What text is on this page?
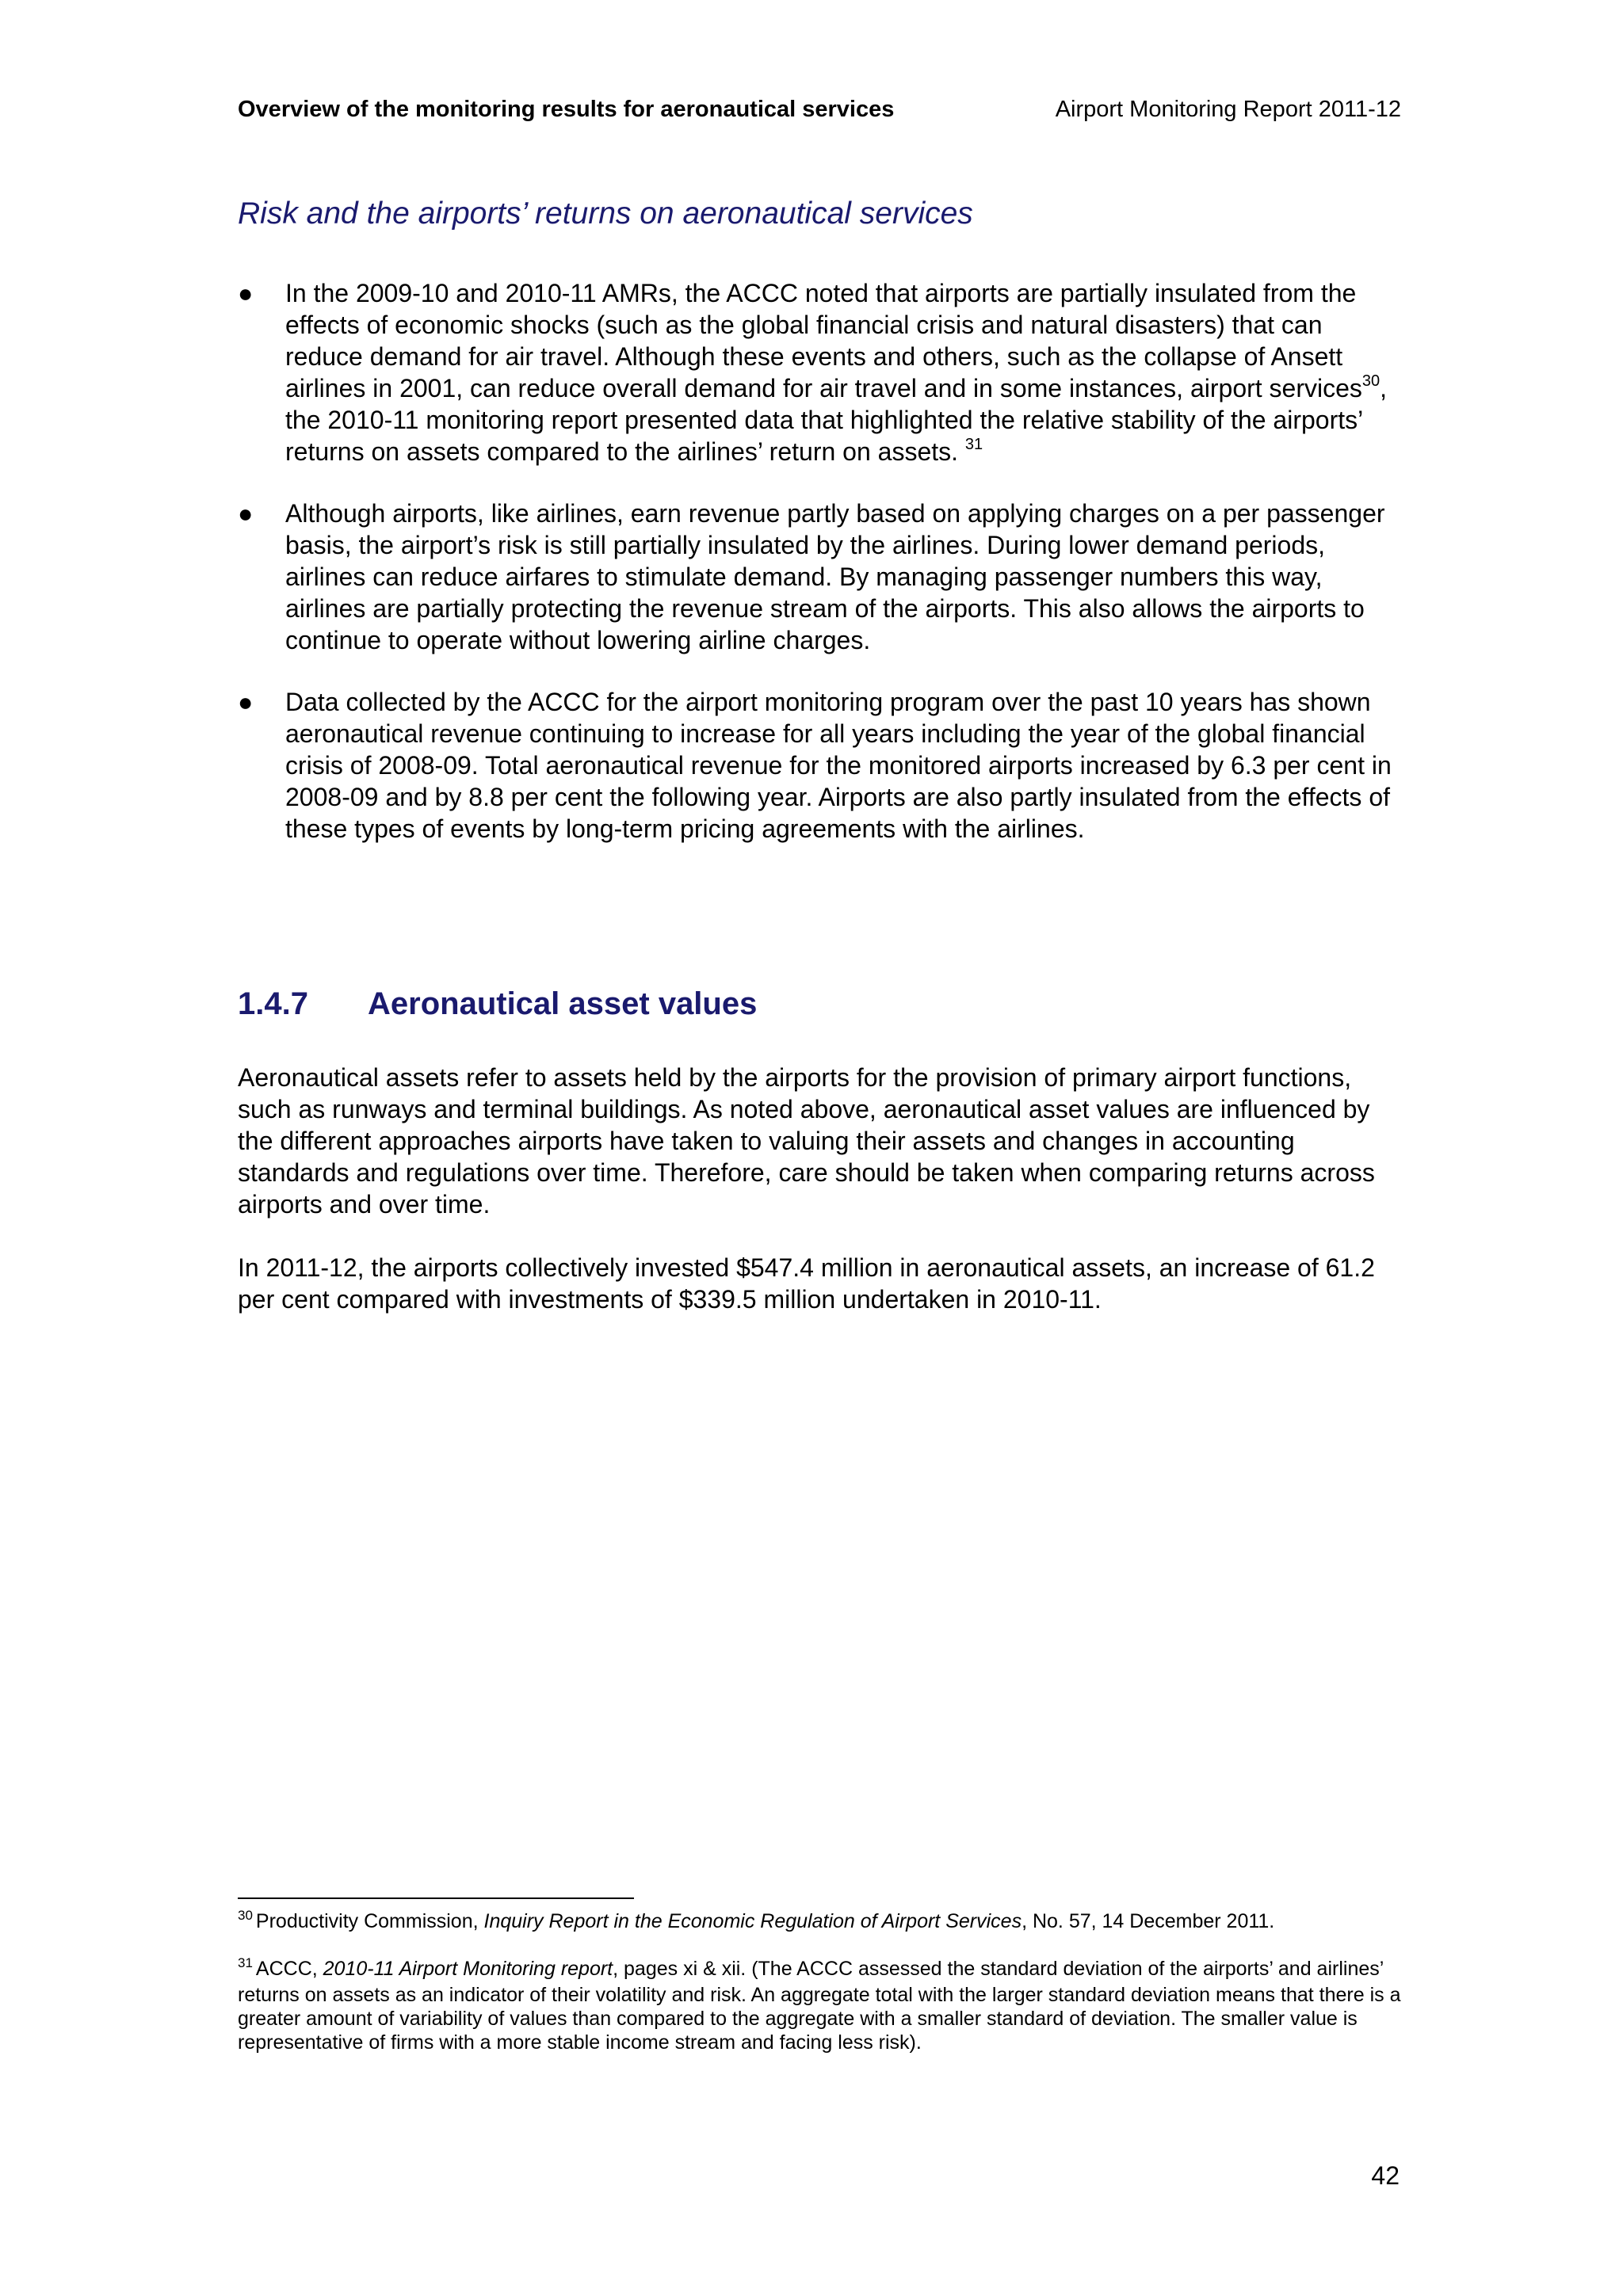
Overview of the monitoring results for aeronautical services	Airport Monitoring Report 2011-12
Risk and the airports’ returns on aeronautical services
● In the 2009-10 and 2010-11 AMRs, the ACCC noted that airports are partially insulated from the effects of economic shocks (such as the global financial crisis and natural disasters) that can reduce demand for air travel. Although these events and others, such as the collapse of Ansett airlines in 2001, can reduce overall demand for air travel and in some instances, airport services$^{30}$, the 2010-11 monitoring report presented data that highlighted the relative stability of the airports’ returns on assets compared to the airlines’ return on assets. $^{31}$
● Although airports, like airlines, earn revenue partly based on applying charges on a per passenger basis, the airport’s risk is still partially insulated by the airlines. During lower demand periods, airlines can reduce airfares to stimulate demand. By managing passenger numbers this way, airlines are partially protecting the revenue stream of the airports. This also allows the airports to continue to operate without lowering airline charges.
● Data collected by the ACCC for the airport monitoring program over the past 10 years has shown aeronautical revenue continuing to increase for all years including the year of the global financial crisis of 2008-09. Total aeronautical revenue for the monitored airports increased by 6.3 per cent in 2008-09 and by 8.8 per cent the following year. Airports are also partly insulated from the effects of these types of events by long-term pricing agreements with the airlines.
1.4.7 Aeronautical asset values
Aeronautical assets refer to assets held by the airports for the provision of primary airport functions, such as runways and terminal buildings. As noted above, aeronautical asset values are influenced by the different approaches airports have taken to valuing their assets and changes in accounting standards and regulations over time. Therefore, care should be taken when comparing returns across airports and over time.
In 2011-12, the airports collectively invested $547.4 million in aeronautical assets, an increase of 61.2 per cent compared with investments of $339.5 million undertaken in 2010-11.
$^{30}$ Productivity Commission, Inquiry Report in the Economic Regulation of Airport Services, No. 57, 14 December 2011.
$^{31}$ ACCC, 2010-11 Airport Monitoring report, pages xi & xii. (The ACCC assessed the standard deviation of the airports’ and airlines’ returns on assets as an indicator of their volatility and risk. An aggregate total with the larger standard deviation means that there is a greater amount of variability of values than compared to the aggregate with a smaller standard of deviation. The smaller value is representative of firms with a more stable income stream and facing less risk).
42
